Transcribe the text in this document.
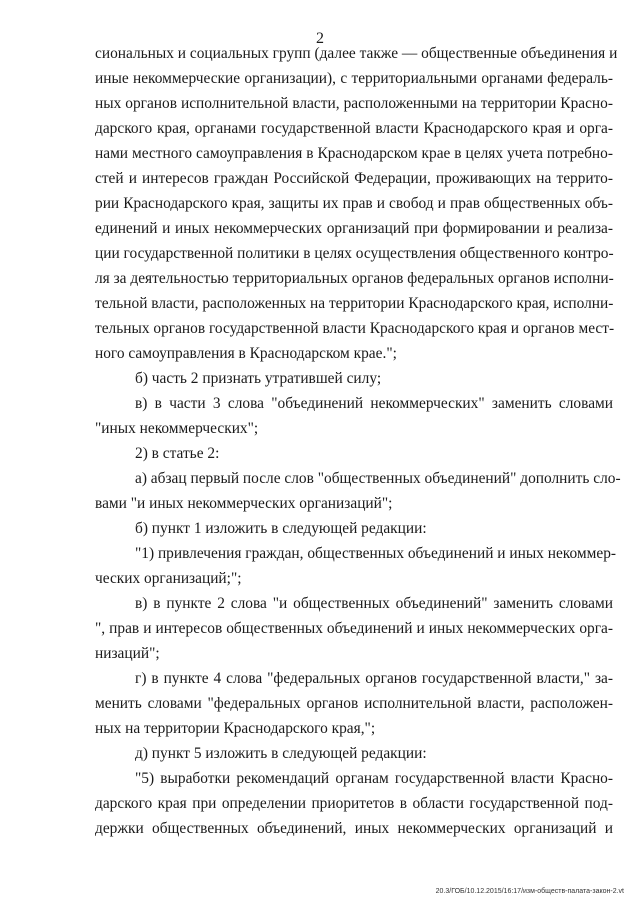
2
сиональных и социальных групп (далее также — общественные объединения и
иные некоммерческие организации), с территориальными органами федераль-
ных органов исполнительной власти, расположенными на территории Красно-
дарского края, органами государственной власти Краснодарского края и орга-
нами местного самоуправления в Краснодарском крае в целях учета потребно-
стей и интересов граждан Российской Федерации, проживающих на террито-
рии Краснодарского края, защиты их прав и свобод и прав общественных объ-
единений и иных некоммерческих организаций при формировании и реализа-
ции государственной политики в целях осуществления общественного контро-
ля за деятельностью территориальных органов федеральных органов исполни-
тельной власти, расположенных на территории Краснодарского края, исполни-
тельных органов государственной власти Краснодарского края и органов мест-
ного самоуправления в Краснодарском крае.";
б) часть 2 признать утратившей силу;
в) в части 3 слова "объединений некоммерческих" заменить словами
"иных некоммерческих";
2) в статье 2:
а) абзац первый после слов "общественных объединений" дополнить сло-
вами "и иных некоммерческих организаций";
б) пункт 1 изложить в следующей редакции:
"1) привлечения граждан, общественных объединений и иных некоммер-
ческих организаций;";
в) в пункте 2 слова "и общественных объединений" заменить словами
", прав и интересов общественных объединений и иных некоммерческих орга-
низаций";
г) в пункте 4 слова "федеральных органов государственной власти," за-
менить словами "федеральных органов исполнительной власти, расположен-
ных на территории Краснодарского края,";
д) пункт 5 изложить в следующей редакции:
"5) выработки рекомендаций органам государственной власти Красно-
дарского края при определении приоритетов в области государственной под-
держки общественных объединений, иных некоммерческих организаций и
20.3/ГОБ/10.12.2015/16:17/изм-обществ-палата-закон-2.vt
